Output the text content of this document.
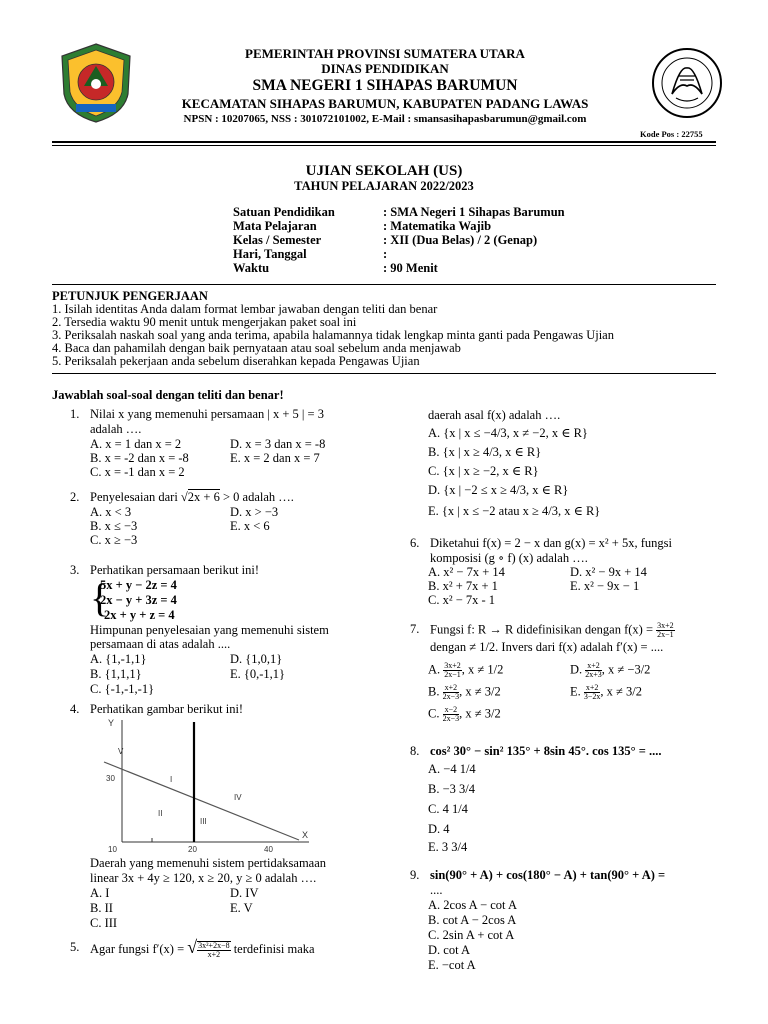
PEMERINTAH PROVINSI SUMATERA UTARA
DINAS PENDIDIKAN
SMA NEGERI 1 SIHAPAS BARUMUN
KECAMATAN SIHAPAS BARUMUN, KABUPATEN PADANG LAWAS
NPSN : 10207065, NSS : 301072101002, E-Mail : smansasihapasbarumun@gmail.com
Kode Pos : 22755
UJIAN SEKOLAH (US)
TAHUN PELAJARAN 2022/2023
Satuan Pendidikan	: SMA Negeri 1 Sihapas Barumun
Mata Pelajaran	: Matematika Wajib
Kelas / Semester	: XII (Dua Belas) / 2 (Genap)
Hari, Tanggal	:
Waktu	: 90 Menit
PETUNJUK PENGERJAAN
1. Isilah identitas Anda dalam format lembar jawaban dengan teliti dan benar
2. Tersedia waktu 90 menit untuk mengerjakan paket soal ini
3. Periksalah naskah soal yang anda terima, apabila halamannya tidak lengkap minta ganti pada Pengawas Ujian
4. Baca dan pahamilah dengan baik pernyataan atau soal sebelum anda menjawab
5. Periksalah pekerjaan anda sebelum diserahkan kepada Pengawas Ujian
Jawablah soal-soal dengan teliti dan benar!
1. Nilai x yang memenuhi persamaan | x + 5 | = 3
adalah ….
A. x = 1 dan x = 2	D. x = 3 dan x = -8
B. x = -2 dan x = -8	E. x = 2 dan x = 7
C. x = -1 dan x = 2
2. Penyelesaian dari √2x + 6 > 0 adalah ….
A. x < 3	D. x > −3
B. x ≤ −3	E. x < 6
C. x ≥ −3
3. Perhatikan persamaan berikut ini!
{
5x + y − 2z = 4
2x − y + 3z = 4
2x + y + z = 4
Himpunan penyelesaian yang memenuhi sistem
persamaan di atas adalah ....
A. {1,-1,1}	D. {1,0,1}
B. {1,1,1}	E. {0,-1,1}
C. {-1,-1,-1}
4. Perhatikan gambar berikut ini!
Y
X
30
10	20	40
I
II
III
IV
V
Daerah yang memenuhi sistem pertidaksamaan
linear 3x + 4y ≥ 120, x ≥ 20, y ≥ 0 adalah ….
A. I	D. IV
B. II	E. V
C. III
5. Agar fungsi f′(x) = √ $\frac{\text{3x²+2x−8}}{x+2}$ terdefinisi maka
daerah asal f(x) adalah ….
A. {x | x ≤ −4/3, x ≠ −2, x ∈ R}
B. {x | x ≥ 4/3, x ∈ R}
C. {x | x ≥ −2, x ∈ R}
D. {x | −2 ≤ x ≥ 4/3, x ∈ R}
E. {x | x ≤ −2 atau x ≥ 4/3, x ∈ R}
6. Diketahui f(x) = 2 − x dan g(x) = x² + 5x, fungsi
komposisi (g ∘ f) (x) adalah ….
A. x² − 7x + 14	D. x² − 9x + 14
B. x² + 7x + 1	E. x² − 9x − 1
C. x² − 7x - 1
7. Fungsi f: R → R didefinisikan dengan $f(x) = \frac{3x+2}{2x-1}$
dengan ≠ 1/2. Invers dari f(x) adalah f′(x) = ....
A. $\frac{3x+2}{2x-1}$ , x ≠ 1/2	D. $\frac{x+2}{2x+3}$ , x ≠ −3/2
B. $\frac{x+2}{2x-3}$ , x ≠ 3/2	E. $\frac{x+2}{3-2x}$ , x ≠ 3/2
C. $\frac{x-2}{2x-3}$ , x ≠ 3/2
8. cos² 30° − sin² 135° + 8sin 45°. cos 135° = ....
A. −4 1/4
B. −3 3/4
C. 4 1/4
D. 4
E. 3 3/4
9. sin(90° + A) + cos(180° − A) + tan(90° + A) =
....
A. 2cos A − cot A
B. cot A − 2cos A
C. 2sin A + cot A
D. cot A
E. −cot A
